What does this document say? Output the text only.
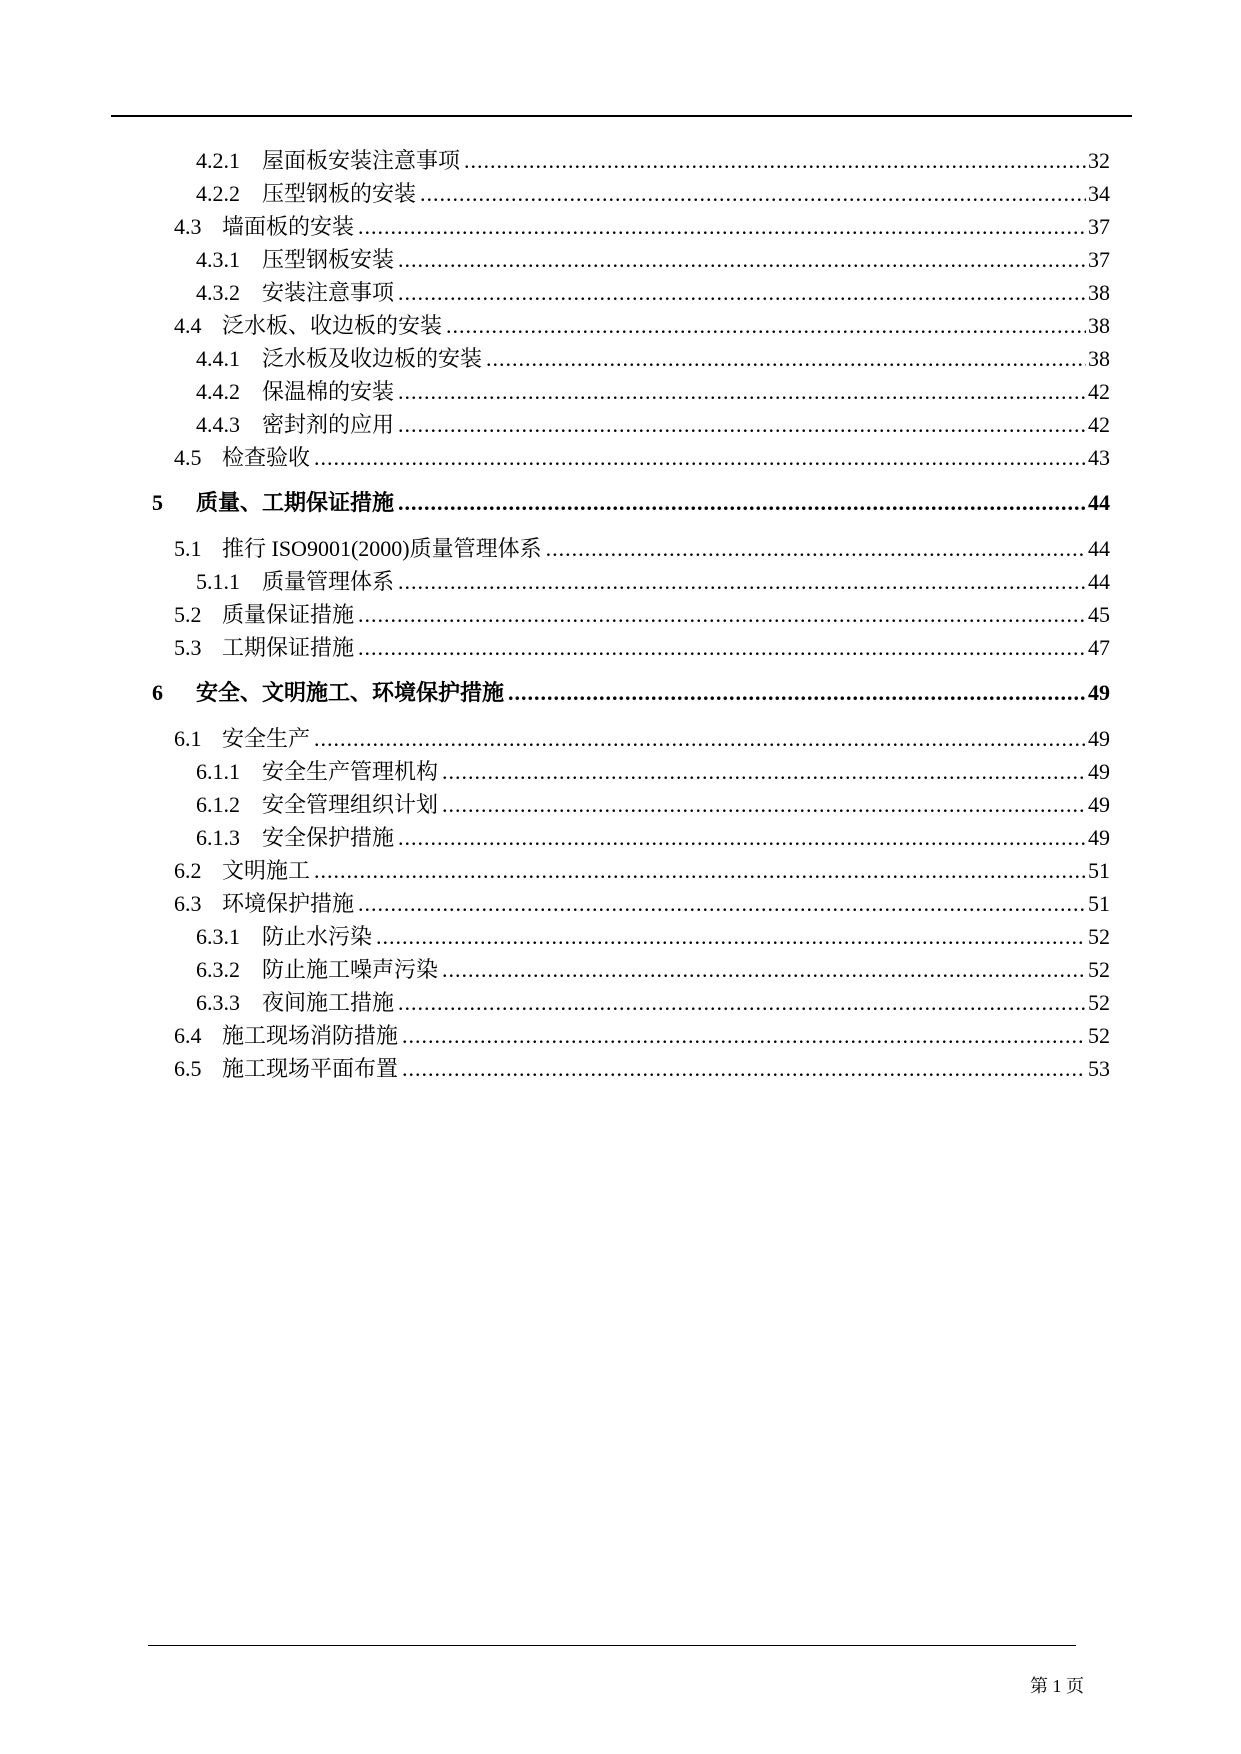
4.2.1	屋面板安装注意事项 .....	32
4.2.2	压型钢板的安装 .....	34
4.3 墙面板的安装 .....	37
4.3.1	压型钢板安装 .....	37
4.3.2	安装注意事项 .....	38
4.4 泛水板、收边板的安装 .....	38
4.4.1	泛水板及收边板的安装 .....	38
4.4.2	保温棉的安装 .....	42
4.4.3	密封剂的应用 .....	42
4.5 检查验收 .....	43
5	质量、工期保证措施 .....	44
5.1 推行 ISO9001(2000)质量管理体系 .....	44
5.1.1	质量管理体系 .....	44
5.2 质量保证措施 .....	45
5.3 工期保证措施 .....	47
6	安全、文明施工、环境保护措施 .....	49
6.1 安全生产 .....	49
6.1.1	安全生产管理机构 .....	49
6.1.2	安全管理组织计划 .....	49
6.1.3	安全保护措施 .....	49
6.2 文明施工 .....	51
6.3 环境保护措施 .....	51
6.3.1	防止水污染 .....	52
6.3.2	防止施工噪声污染 .....	52
6.3.3	夜间施工措施 .....	52
6.4 施工现场消防措施 .....	52
6.5 施工现场平面布置 .....	53
第 1 页
